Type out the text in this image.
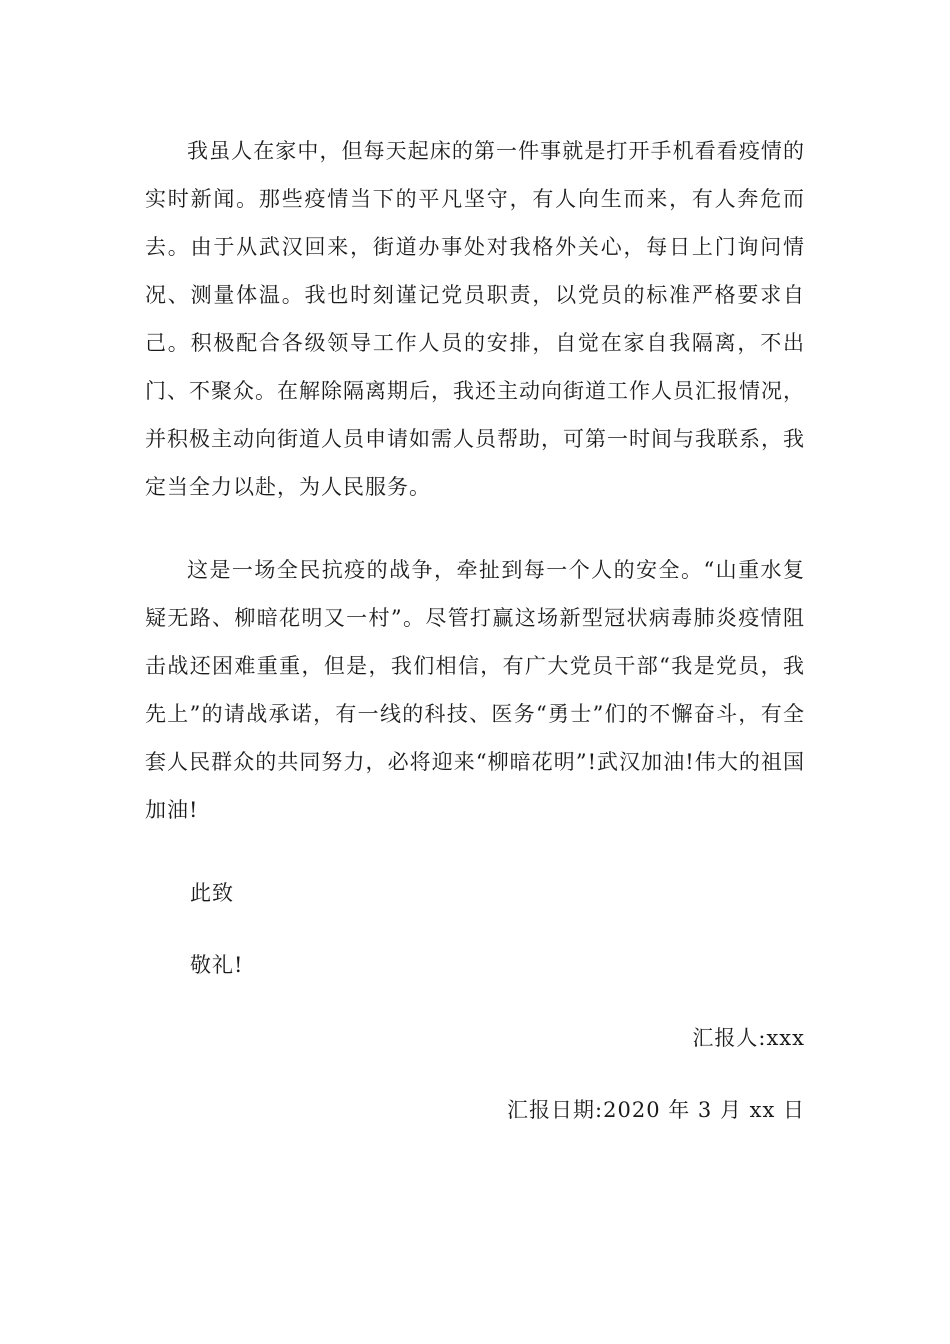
我虽人在家中，但每天起床的第一件事就是打开手机看看疫情的实时新闻。那些疫情当下的平凡坚守，有人向生而来，有人奔危而去。由于从武汉回来，街道办事处对我格外关心，每日上门询问情况、测量体温。我也时刻谨记党员职责，以党员的标准严格要求自己。积极配合各级领导工作人员的安排，自觉在家自我隔离，不出门、不聚众。在解除隔离期后，我还主动向街道工作人员汇报情况，并积极主动向街道人员申请如需人员帮助，可第一时间与我联系，我定当全力以赴，为人民服务。

这是一场全民抗疫的战争，牵扯到每一个人的安全。“山重水复疑无路、柳暗花明又一村”。尽管打赢这场新型冠状病毒肺炎疫情阻击战还困难重重，但是，我们相信，有广大党员干部“我是党员，我先上”的请战承诺，有一线的科技、医务“勇士”们的不懈奋斗，有全套人民群众的共同努力，必将迎来“柳暗花明”!武汉加油!伟大的祖国加油!

此致

敬礼!

汇报人:xxx

汇报日期:2020 年 3 月 xx 日
